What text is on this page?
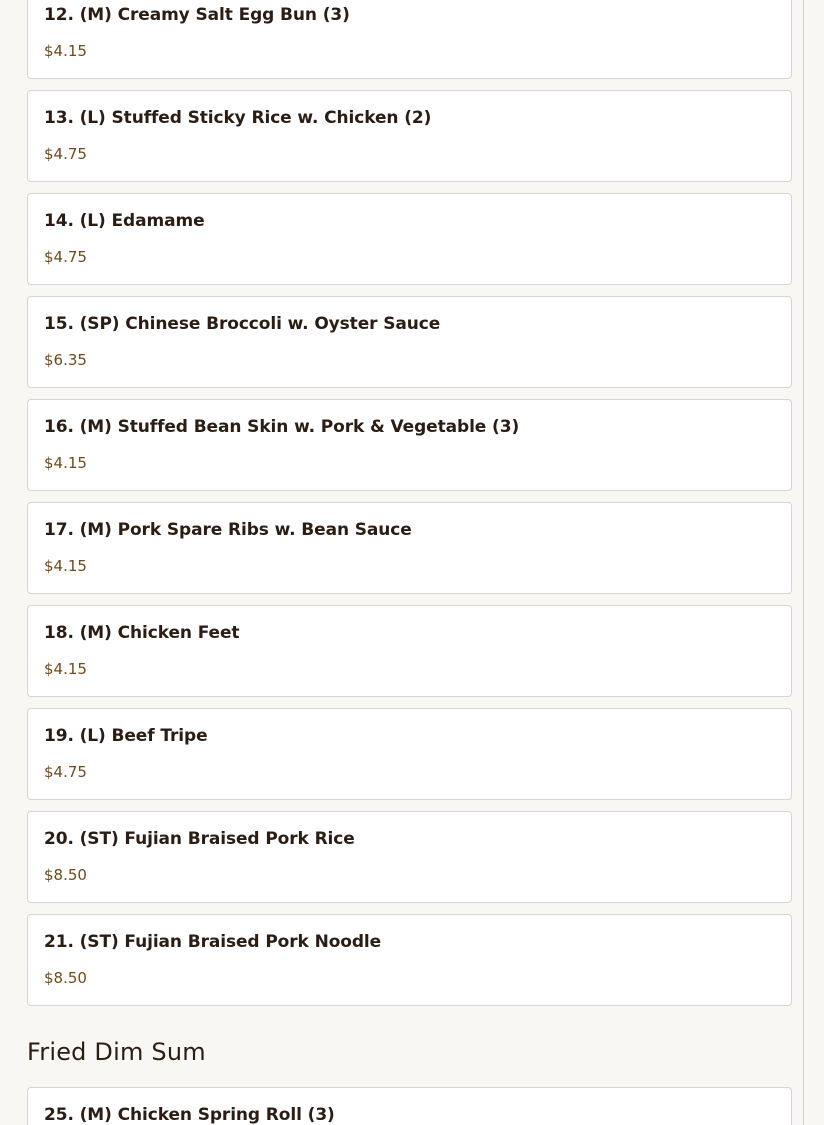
12. (M) Creamy Salt Egg Bun (3)
$4.15
13. (L) Stuffed Sticky Rice w. Chicken (2)
$4.75
14. (L) Edamame
$4.75
15. (SP) Chinese Broccoli w. Oyster Sauce
$6.35
16. (M) Stuffed Bean Skin w. Pork & Vegetable (3)
$4.15
17. (M) Pork Spare Ribs w. Bean Sauce
$4.15
18. (M) Chicken Feet
$4.15
19. (L) Beef Tripe
$4.75
20. (ST) Fujian Braised Pork Rice
$8.50
21. (ST) Fujian Braised Pork Noodle
$8.50
Fried Dim Sum
25. (M) Chicken Spring Roll (3)
